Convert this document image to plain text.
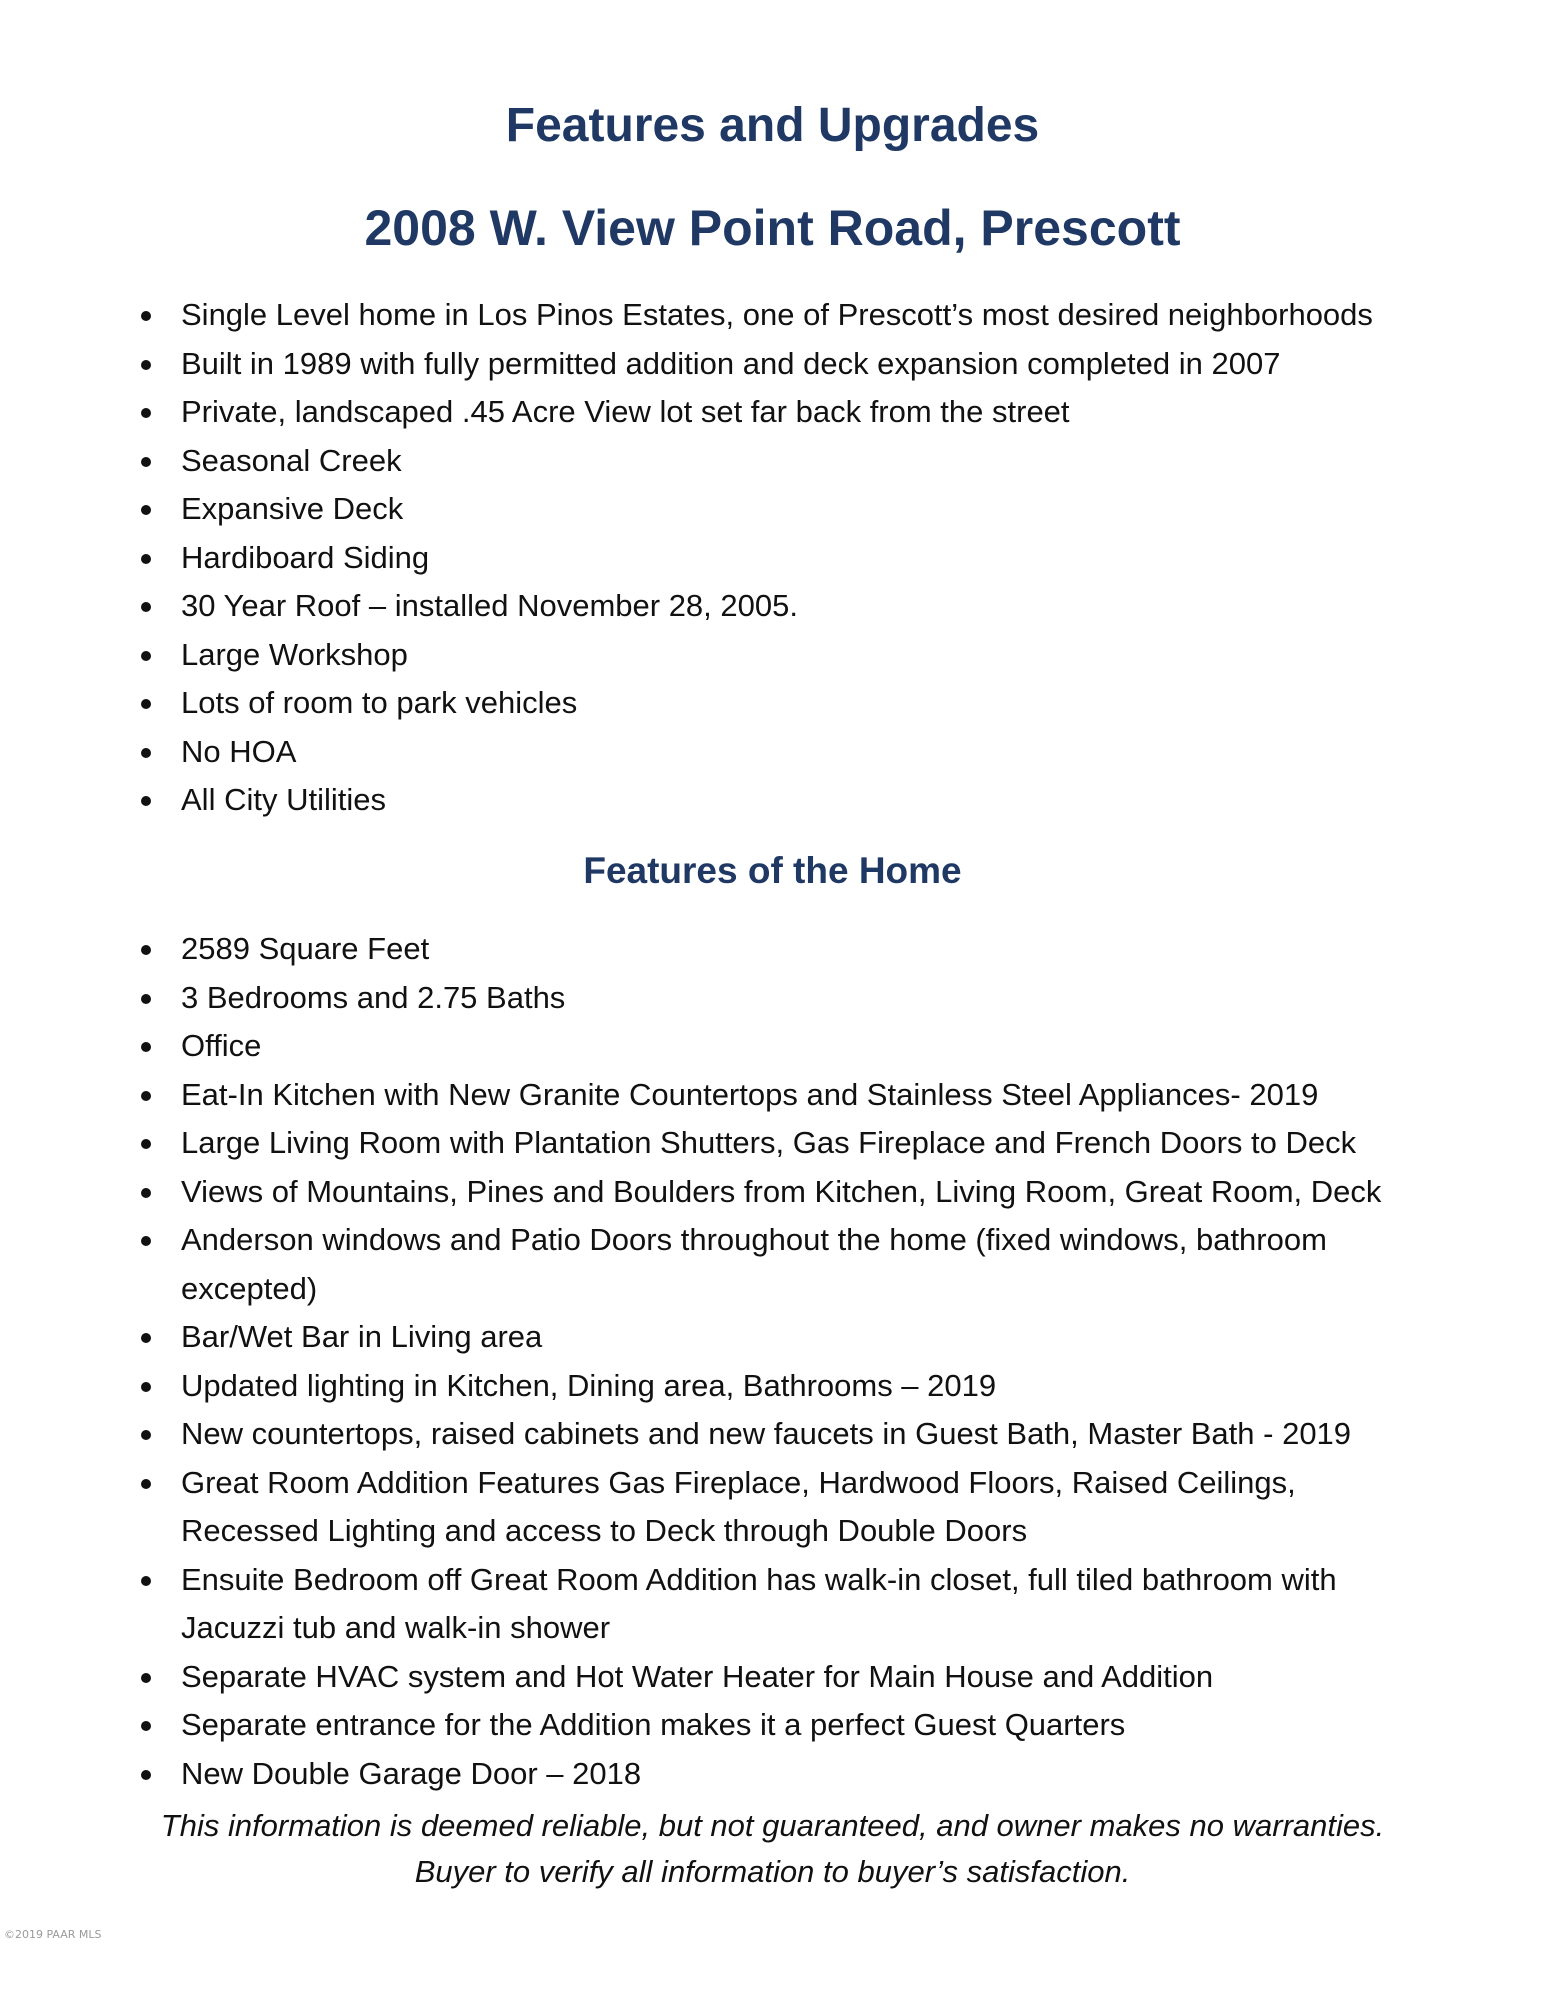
Features and Upgrades
2008 W. View Point Road, Prescott
Single Level home in Los Pinos Estates, one of Prescott’s most desired neighborhoods
Built in 1989 with fully permitted addition and deck expansion completed in 2007
Private, landscaped .45 Acre View lot set far back from the street
Seasonal Creek
Expansive Deck
Hardiboard Siding
30 Year Roof – installed November 28, 2005.
Large Workshop
Lots of room to park vehicles
No HOA
All City Utilities
Features of the Home
2589 Square Feet
3 Bedrooms and 2.75 Baths
Office
Eat-In Kitchen with New Granite Countertops and Stainless Steel Appliances- 2019
Large Living Room with Plantation Shutters, Gas Fireplace and French Doors to Deck
Views of Mountains, Pines and Boulders from Kitchen, Living Room, Great Room, Deck
Anderson windows and Patio Doors throughout the home (fixed windows, bathroom excepted)
Bar/Wet Bar in Living area
Updated lighting in Kitchen, Dining area, Bathrooms – 2019
New countertops, raised cabinets and new faucets in Guest Bath, Master Bath - 2019
Great Room Addition Features Gas Fireplace, Hardwood Floors, Raised Ceilings, Recessed Lighting and access to Deck through Double Doors
Ensuite Bedroom off Great Room Addition has walk-in closet, full tiled bathroom with Jacuzzi tub and walk-in shower
Separate HVAC system and Hot Water Heater for Main House and Addition
Separate entrance for the Addition makes it a perfect Guest Quarters
New Double Garage Door – 2018

This information is deemed reliable, but not guaranteed, and owner makes no warranties.

Buyer to verify all information to buyer’s satisfaction.

©2019 PAAR MLS
